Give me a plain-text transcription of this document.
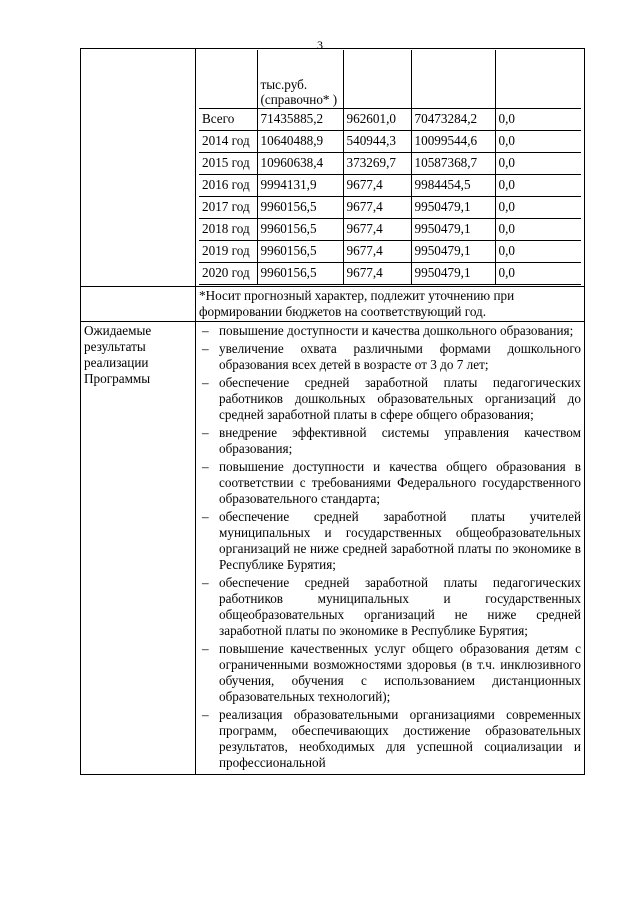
3

	тыс.руб. (справочно* )			
Всего	71435885,2	962601,0	70473284,2	0,0
2014 год	10640488,9	540944,3	10099544,6	0,0
2015 год	10960638,4	373269,7	10587368,7	0,0
2016 год	9994131,9	9677,4	9984454,5	0,0
2017 год	9960156,5	9677,4	9950479,1	0,0
2018 год	9960156,5	9677,4	9950479,1	0,0
2019 год	9960156,5	9677,4	9950479,1	0,0
2020 год	9960156,5	9677,4	9950479,1	0,0

	*Носит прогнозный характер, подлежит уточнению при формировании бюджетов на соответствующий год.
Ожидаемые результаты реализации Программы	
– повышение доступности и качества дошкольного образования;
– увеличение охвата различными формами дошкольного образования всех детей в возрасте от 3 до 7 лет;
– обеспечение средней заработной платы педагогических работников дошкольных образовательных организаций до средней заработной платы в сфере общего образования;
– внедрение эффективной системы управления качеством образования;
– повышение доступности и качества общего образования в соответствии с требованиями Федерального государственного образовательного стандарта;
– обеспечение средней заработной платы учителей муниципальных и государственных общеобразовательных организаций не ниже средней заработной платы по экономике в Республике Бурятия;
– обеспечение средней заработной платы педагогических работников муниципальных и государственных общеобразовательных организаций не ниже средней заработной платы по экономике в Республике Бурятия;
– повышение качественных услуг общего образования детям с ограниченными возможностями здоровья (в т.ч. инклюзивного обучения, обучения с использованием дистанционных образовательных технологий);
– реализация образовательными организациями современных программ, обеспечивающих достижение образовательных результатов, необходимых для успешной социализации и профессиональной
